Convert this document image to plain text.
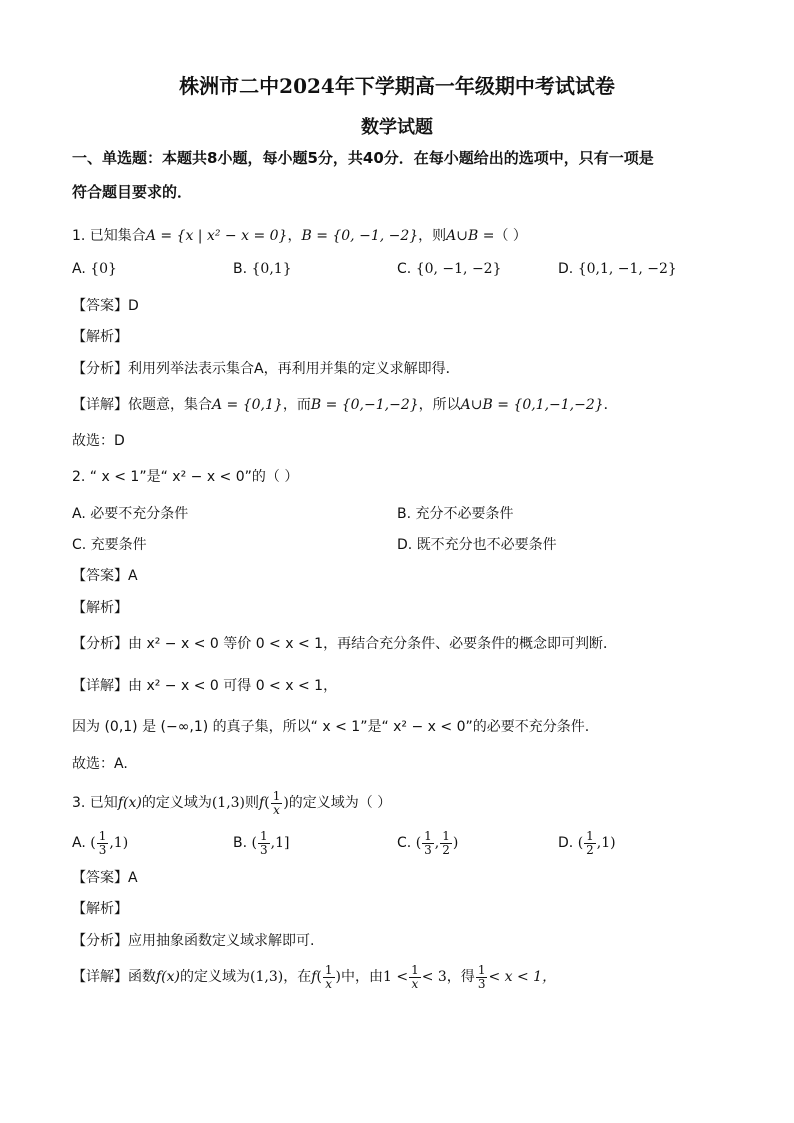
株洲市二中2024年下学期高一年级期中考试试卷
数学试题
一、单选题：本题共8小题，每小题5分，共40分．在每小题给出的选项中，只有一项是
符合题目要求的．
1. 已知集合A = {x | x² − x = 0}，B = {0, −1, −2}，则A∪B =（ ）
A. {0}	B. {0,1}	C. {0, −1, −2}	D. {0,1, −1, −2}
【答案】D
【解析】
【分析】利用列举法表示集合A，再利用并集的定义求解即得．
【详解】依题意，集合A = {0,1}，而B = {0,−1,−2}，所以A∪B = {0,1,−1,−2}．
故选：D
2. “ x < 1”是“ x² − x < 0”的（ ）
A. 必要不充分条件	B. 充分不必要条件
C. 充要条件	D. 既不充分也不必要条件
【答案】A
【解析】
【分析】由 x² − x < 0 等价 0 < x < 1，再结合充分条件、必要条件的概念即可判断．
【详解】由 x² − x < 0 可得 0 < x < 1，
因为 (0,1) 是 (−∞,1) 的真子集，所以“ x < 1”是“ x² − x < 0”的必要不充分条件.
故选：A.
3. 已知f(x)的定义域为(1,3)则$f( \frac{1}{x}$ )的定义域为（ ）
A. ( $\frac{1}{3} ,1$)	B. ( $\frac{1}{3} ,1$]	C. ( $\frac{1}{3}$ , $\frac{1}{2}$ )	D. ( $\frac{1}{2} ,1$)
【答案】A
【解析】
【分析】应用抽象函数定义域求解即可.
【详解】函数f(x)的定义域为(1,3)，在$f( \frac{1}{x}$ )中，由$1 < \frac{1}{x} < 3$，得 $\frac{1}{3} < x < 1$，
